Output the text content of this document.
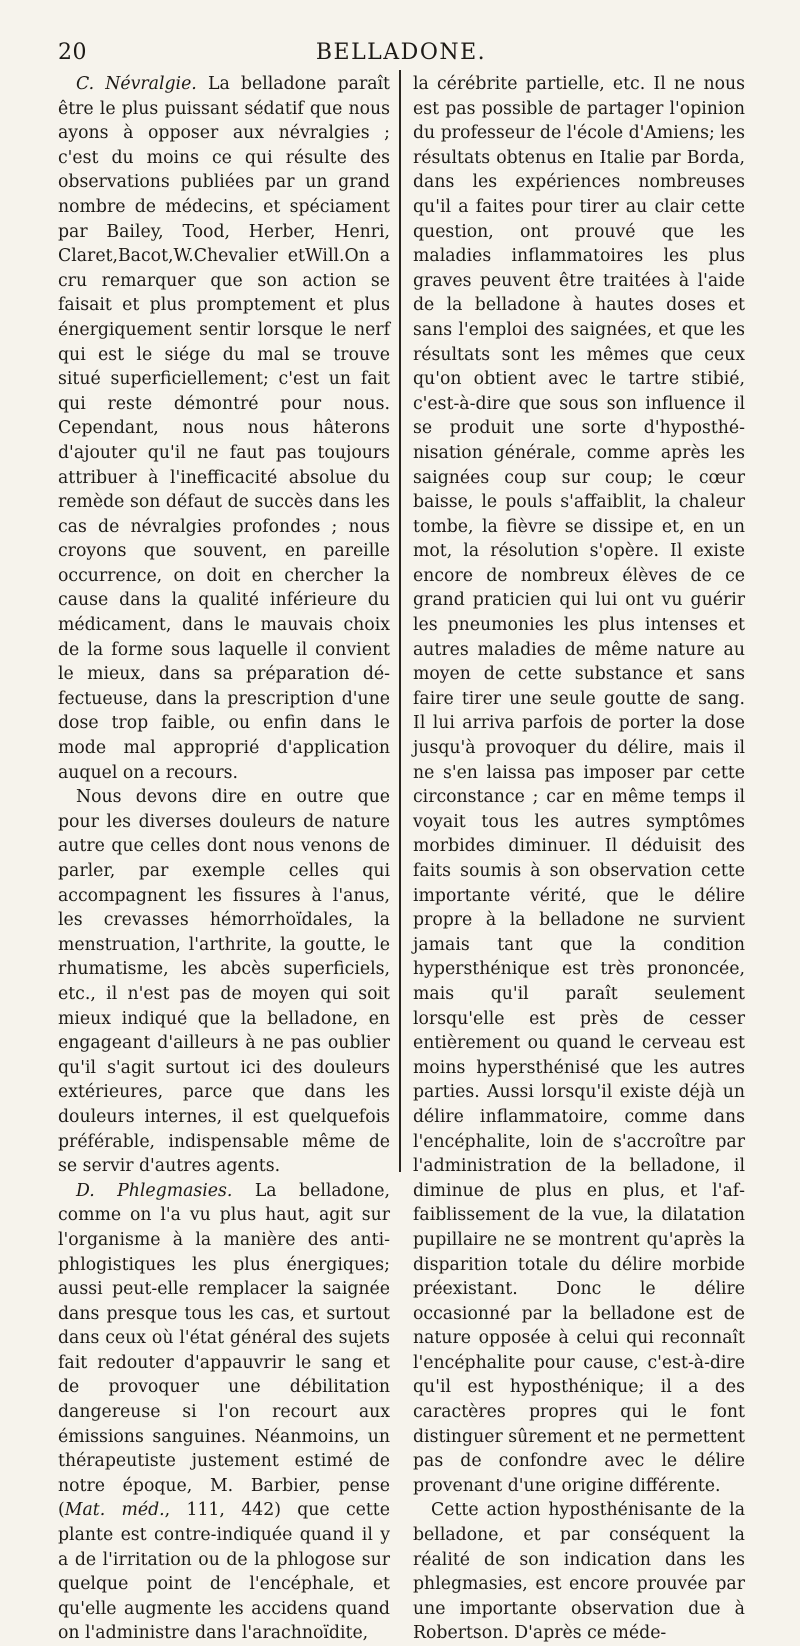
20	BELLADONE.

C. Névralgie. La belladone paraît être le plus puissant sédatif que nous ayons à opposer aux névralgies ; c'est du moins ce qui résulte des observations publiées par un grand nombre de médecins, et spéciament par Bailey, Tood, Herber, Henri, Claret,Bacot,W.Chevalier etWill.On a cru remarquer que son action se faisait et plus promptement et plus énergiquement sentir lorsque le nerf qui est le siége du mal se trouve situé superficiellement; c'est un fait qui reste démontré pour nous. Cependant, nous nous hâterons d'ajouter qu'il ne faut pas toujours attribuer à l'inefficacité absolue du remède son défaut de succès dans les cas de névralgies profondes ; nous croyons que souvent, en pareille occurrence, on doit en chercher la cause dans la qualité inférieure du médicament, dans le mauvais choix de la forme sous laquelle il convient le mieux, dans sa préparation défectueuse, dans la prescription d'une dose trop faible, ou enfin dans le mode mal approprié d'application auquel on a recours.

Nous devons dire en outre que pour les diverses douleurs de nature autre que celles dont nous venons de parler, par exemple celles qui accompagnent les fissures à l'anus, les crevasses hémorrhoïdales, la menstruation, l'arthrite, la goutte, le rhumatisme, les abcès superficiels, etc., il n'est pas de moyen qui soit mieux indiqué que la belladone, en engageant d'ailleurs à ne pas oublier qu'il s'agit surtout ici des douleurs extérieures, parce que dans les douleurs internes, il est quelquefois préférable, indispensable même de se servir d'autres agents.

D. Phlegmasies. La belladone, comme on l'a vu plus haut, agit sur l'organisme à la manière des anti-phlogistiques les plus énergiques; aussi peut-elle remplacer la saignée dans presque tous les cas, et surtout dans ceux où l'état général des sujets fait redouter d'appauvrir le sang et de provoquer une débilitation dangereuse si l'on recourt aux émissions sanguines. Néanmoins, un thérapeutiste justement estimé de notre époque, M. Barbier, pense (Mat. méd., 111, 442) que cette plante est contre-indiquée quand il y a de l'irritation ou de la phlogose sur quelque point de l'encéphale, et qu'elle augmente les accidens quand on l'administre dans l'arachnoïdite,

la cérébrite partielle, etc. Il ne nous est pas possible de partager l'opinion du professeur de l'école d'Amiens; les résultats obtenus en Italie par Borda, dans les expériences nombreuses qu'il a faites pour tirer au clair cette question, ont prouvé que les maladies inflammatoires les plus graves peuvent être traitées à l'aide de la belladone à hautes doses et sans l'emploi des saignées, et que les résultats sont les mêmes que ceux qu'on obtient avec le tartre stibié, c'est-à-dire que sous son influence il se produit une sorte d'hyposthénisation générale, comme après les saignées coup sur coup; le cœur baisse, le pouls s'affaiblit, la chaleur tombe, la fièvre se dissipe et, en un mot, la résolution s'opère. Il existe encore de nombreux élèves de ce grand praticien qui lui ont vu guérir les pneumonies les plus intenses et autres maladies de même nature au moyen de cette substance et sans faire tirer une seule goutte de sang. Il lui arriva parfois de porter la dose jusqu'à provoquer du délire, mais il ne s'en laissa pas imposer par cette circonstance ; car en même temps il voyait tous les autres symptômes morbides diminuer. Il déduisit des faits soumis à son observation cette importante vérité, que le délire propre à la belladone ne survient jamais tant que la condition hypersthénique est très prononcée, mais qu'il paraît seulement lorsqu'elle est près de cesser entièrement ou quand le cerveau est moins hypersthénisé que les autres parties. Aussi lorsqu'il existe déjà un délire inflammatoire, comme dans l'encéphalite, loin de s'accroître par l'administration de la belladone, il diminue de plus en plus, et l'affaiblissement de la vue, la dilatation pupillaire ne se montrent qu'après la disparition totale du délire morbide préexistant. Donc le délire occasionné par la belladone est de nature opposée à celui qui reconnaît l'encéphalite pour cause, c'est-à-dire qu'il est hyposthénique; il a des caractères propres qui le font distinguer sûrement et ne permettent pas de confondre avec le délire provenant d'une origine différente.

Cette action hyposthénisante de la belladone, et par conséquent la réalité de son indication dans les phlegmasies, est encore prouvée par une importante observation due à Robertson. D'après ce méde-
